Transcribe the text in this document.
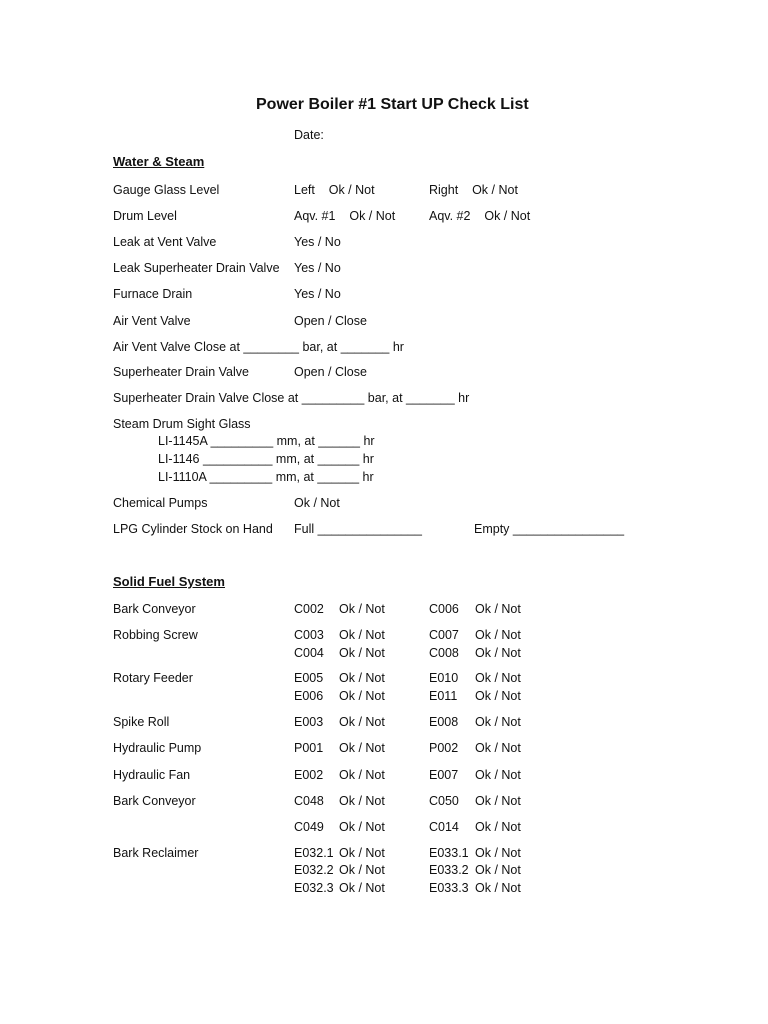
Power Boiler #1 Start UP Check List
Date:
Water & Steam
Gauge Glass Level	Left    Ok / Not	Right    Ok / Not
Drum Level	Aqv. #1    Ok / Not	Aqv. #2    Ok / Not
Leak at Vent Valve	Yes / No
Leak Superheater Drain Valve Yes / No
Furnace Drain	Yes / No
Air Vent Valve	Open / Close
Air Vent Valve Close at ________ bar, at _______ hr
Superheater Drain Valve	Open / Close
Superheater Drain Valve Close at _________ bar, at _______ hr
Steam Drum Sight Glass
LI-1145A _________ mm, at ______ hr
LI-1146 __________ mm, at ______ hr
LI-1110A _________ mm, at ______ hr
Chemical Pumps	Ok / Not
LPG Cylinder Stock on Hand Full _______________	Empty ________________
Solid Fuel System
Bark Conveyor	C002 Ok / Not	C006 Ok / Not
Robbing Screw	C003 Ok / Not	C007 Ok / Not
C004 Ok / Not	C008 Ok / Not
Rotary Feeder	E005 Ok / Not	E010 Ok / Not
E006 Ok / Not	E011 Ok / Not
Spike Roll	E003 Ok / Not	E008 Ok / Not
Hydraulic Pump	P001 Ok / Not	P002 Ok / Not
Hydraulic Fan	E002 Ok / Not	E007 Ok / Not
Bark Conveyor	C048 Ok / Not	C050 Ok / Not
C049 Ok / Not	C014 Ok / Not
Bark Reclaimer	E032.1 Ok / Not	E033.1 Ok / Not
E032.2 Ok / Not	E033.2 Ok / Not
E032.3 Ok / Not	E033.3 Ok / Not
